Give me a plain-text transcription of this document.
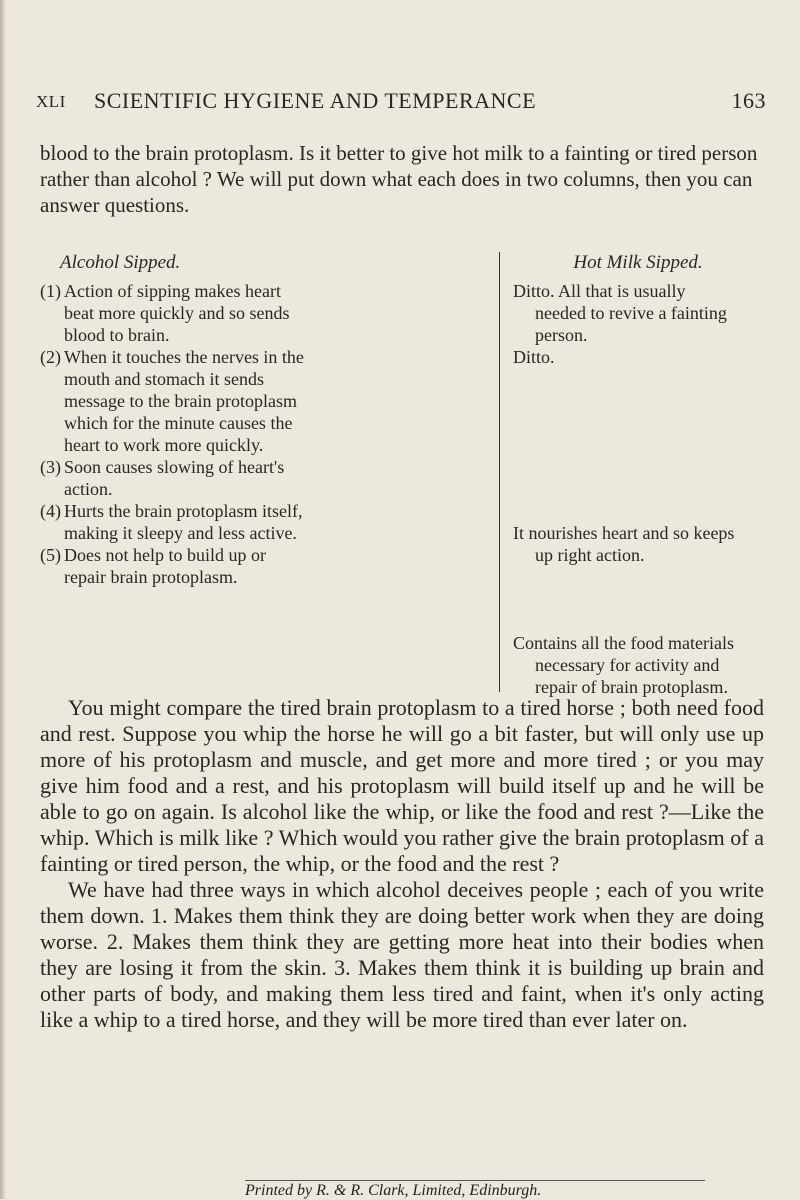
XLI SCIENTIFIC HYGIENE AND TEMPERANCE	163
blood to the brain protoplasm. Is it better to give hot milk to a fainting or tired person rather than alcohol ? We will put down what each does in two columns, then you can answer questions.
Alcohol Sipped.
(1) Action of sipping makes heart beat more quickly and so sends blood to brain.
(2) When it touches the nerves in the mouth and stomach it sends message to the brain protoplasm which for the minute causes the heart to work more quickly.
(3) Soon causes slowing of heart's action.
(4) Hurts the brain protoplasm itself, making it sleepy and less active.
(5) Does not help to build up or repair brain protoplasm.
Hot Milk Sipped.
Ditto. All that is usually
needed to revive a fainting person.
Ditto.
It nourishes heart and so keeps
up right action.
Contains all the food materials
necessary for activity and repair of brain protoplasm.

You might compare the tired brain protoplasm to a tired horse ; both need food and rest. Suppose you whip the horse he will go a bit faster, but will only use up more of his protoplasm and muscle, and get more and more tired ; or you may give him food and a rest, and his protoplasm will build itself up and he will be able to go on again. Is alcohol like the whip, or like the food and rest ?—Like the whip. Which is milk like ? Which would you rather give the brain protoplasm of a fainting or tired person, the whip, or the food and the rest ?

We have had three ways in which alcohol deceives people ; each of you write them down. 1. Makes them think they are doing better work when they are doing worse. 2. Makes them think they are getting more heat into their bodies when they are losing it from the skin. 3. Makes them think it is building up brain and other parts of body, and making them less tired and faint, when it's only acting like a whip to a tired horse, and they will be more tired than ever later on.

Printed by R. & R. Clark, Limited, Edinburgh.
